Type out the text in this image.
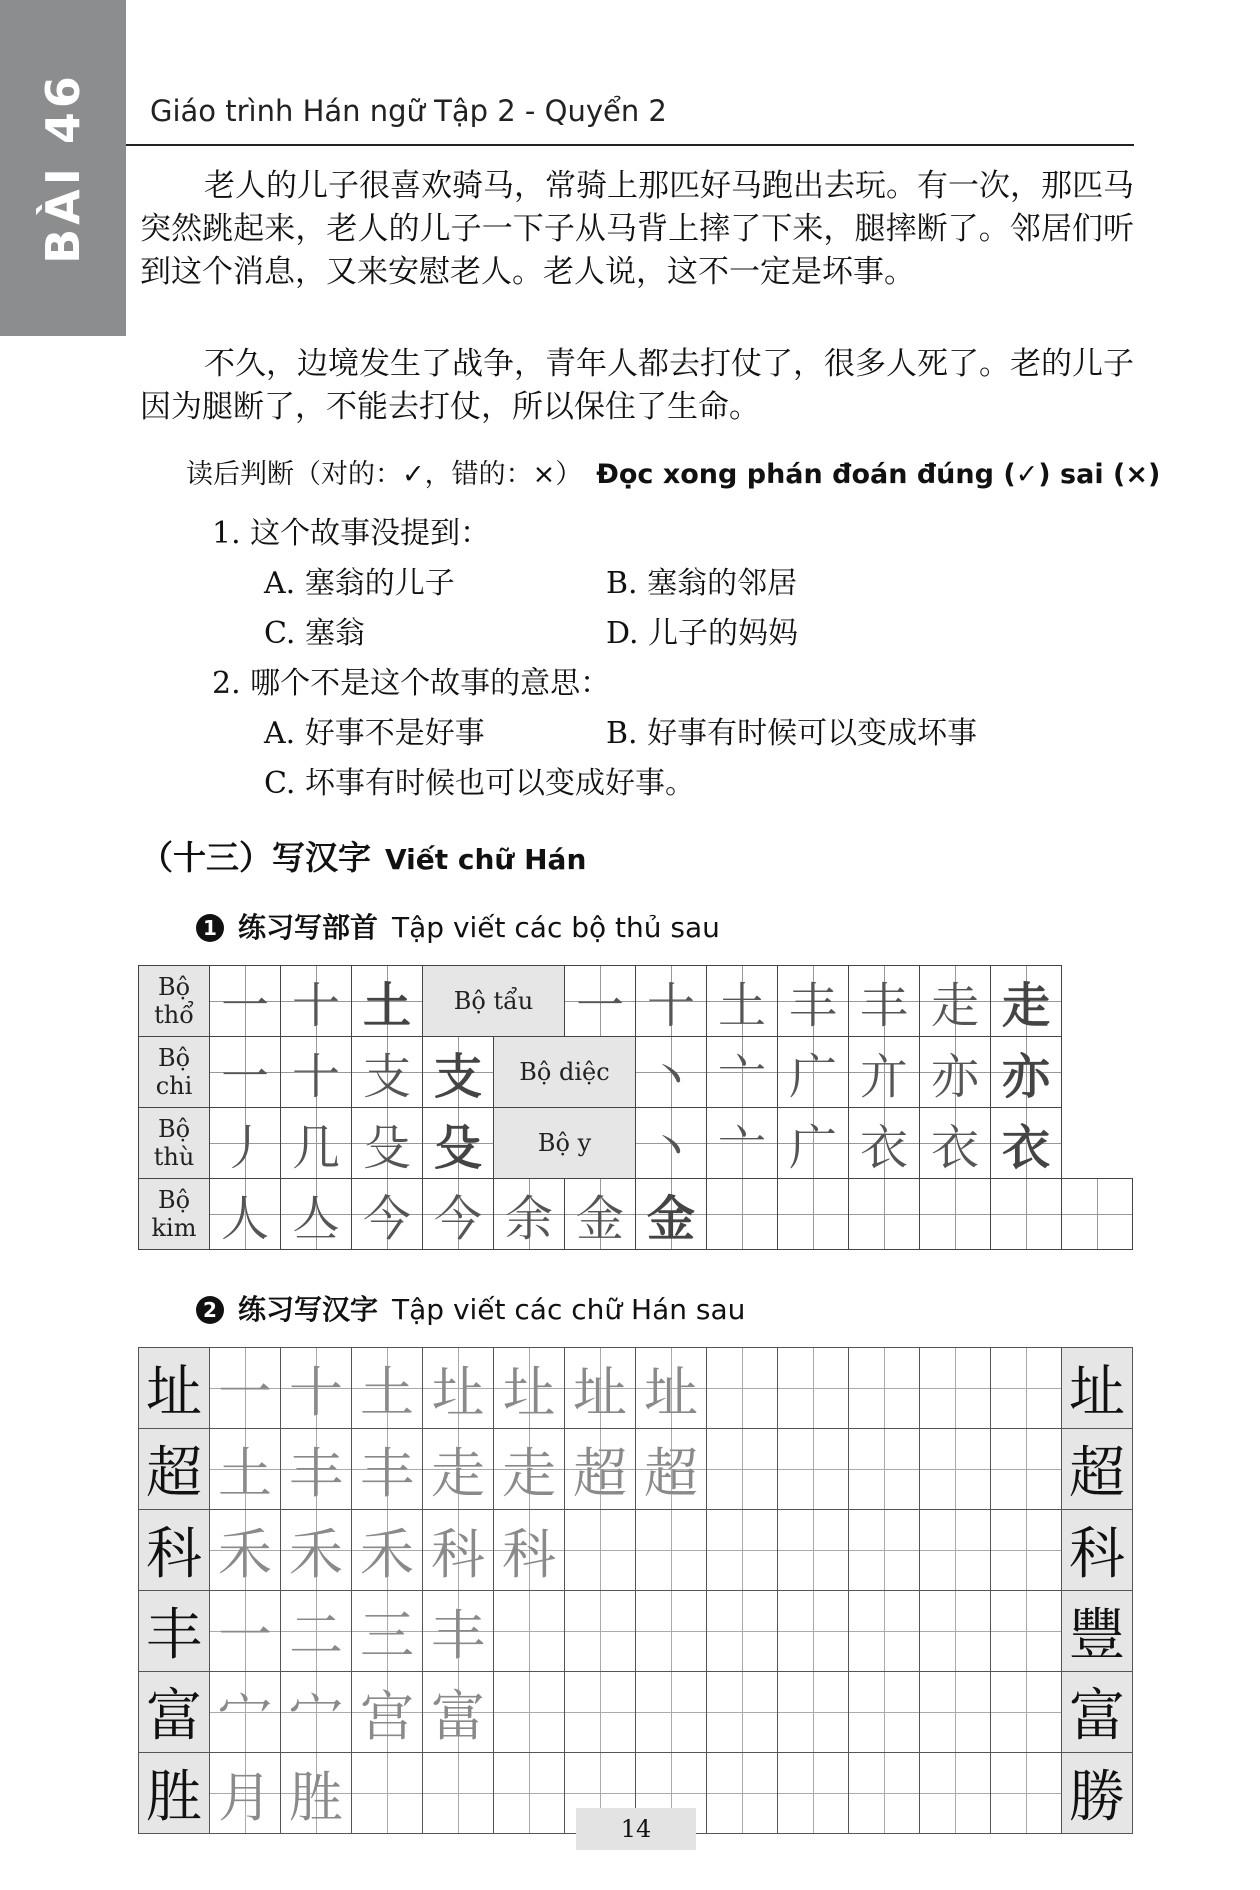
BÀI 46 Giáo trình Hán ngữ Tập 2 - Quyển 2

老人的儿子很喜欢骑马，常骑上那匹好马跑出去玩。有一次，那匹马突然跳起来，老人的儿子一下子从马背上摔了下来，腿摔断了。邻居们听到这个消息，又来安慰老人。老人说，这不一定是坏事。

不久，边境发生了战争，青年人都去打仗了，很多人死了。老的儿子因为腿断了，不能去打仗，所以保住了生命。

读后判断（对的：✓，错的：×） Đọc xong phán đoán đúng (✓) sai (×)
1. 这个故事没提到：
A. 塞翁的儿子	B. 塞翁的邻居
C. 塞翁	D. 儿子的妈妈
2. 哪个不是这个故事的意思：
A. 好事不是好事	B. 好事有时候可以变成坏事
C. 坏事有时候也可以变成好事。
（十三）写汉字 Viết chữ Hán
1 练习写部首 Tập viết các bộ thủ sau
Bộ thổ	一	十	土	Bộ tẩu		一	十	土	丰	丰	走	走	
Bộ chi	一	十	支	支	Bộ diệc		丶	亠	广	亣	亦	亦	
Bộ thù	丿	几	殳	殳	Bộ y		丶	亠	广	衣	衣	衣	
Bộ kim	人	亼	今	今	余	金	金						
2 练习写汉字 Tập viết các chữ Hán sau
址	一	十	土	圵	圵	址	址						址
超	土	丰	丰	走	走	超	超						超
科	禾	禾	禾	科	科								科
丰	一	二	三	丰									豐
富	宀	宀	宫	富									富
胜	月	胜											勝
14
